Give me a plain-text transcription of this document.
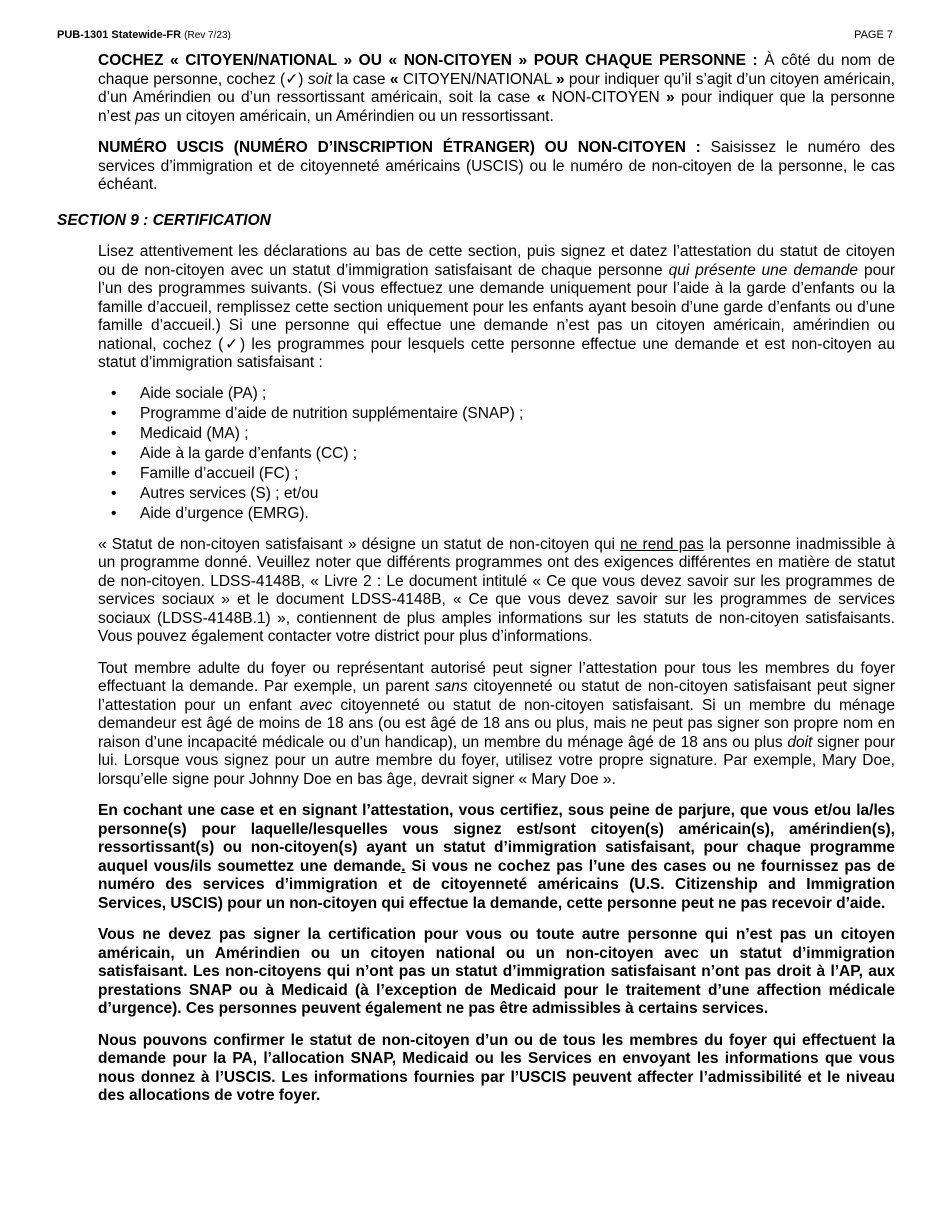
PUB-1301 Statewide-FR (Rev 7/23)	PAGE 7

COCHEZ « CITOYEN/NATIONAL » OU « NON-CITOYEN » POUR CHAQUE PERSONNE : À côté du nom de chaque personne, cochez (✓) soit la case « CITOYEN/NATIONAL » pour indiquer qu’il s’agit d’un citoyen américain, d’un Amérindien ou d’un ressortissant américain, soit la case « NON-CITOYEN » pour indiquer que la personne n’est pas un citoyen américain, un Amérindien ou un ressortissant.

NUMÉRO USCIS (NUMÉRO D’INSCRIPTION ÉTRANGER) OU NON-CITOYEN : Saisissez le numéro des services d’immigration et de citoyenneté américains (USCIS) ou le numéro de non-citoyen de la personne, le cas échéant.

SECTION 9 : CERTIFICATION

Lisez attentivement les déclarations au bas de cette section, puis signez et datez l’attestation du statut de citoyen ou de non-citoyen avec un statut d’immigration satisfaisant de chaque personne qui présente une demande pour l’un des programmes suivants. (Si vous effectuez une demande uniquement pour l’aide à la garde d’enfants ou la famille d’accueil, remplissez cette section uniquement pour les enfants ayant besoin d’une garde d’enfants ou d’une famille d’accueil.) Si une personne qui effectue une demande n’est pas un citoyen américain, amérindien ou national, cochez (✓) les programmes pour lesquels cette personne effectue une demande et est non-citoyen au statut d’immigration satisfaisant :

• Aide sociale (PA) ;
• Programme d’aide de nutrition supplémentaire (SNAP) ;
• Medicaid (MA) ;
• Aide à la garde d’enfants (CC) ;
• Famille d’accueil (FC) ;
• Autres services (S) ; et/ou
• Aide d’urgence (EMRG).

« Statut de non-citoyen satisfaisant » désigne un statut de non-citoyen qui ne rend pas la personne inadmissible à un programme donné. Veuillez noter que différents programmes ont des exigences différentes en matière de statut de non-citoyen. LDSS-4148B, « Livre 2 : Le document intitulé « Ce que vous devez savoir sur les programmes de services sociaux » et le document LDSS-4148B, « Ce que vous devez savoir sur les programmes de services sociaux (LDSS-4148B.1) », contiennent de plus amples informations sur les statuts de non-citoyen satisfaisants. Vous pouvez également contacter votre district pour plus d’informations.

Tout membre adulte du foyer ou représentant autorisé peut signer l’attestation pour tous les membres du foyer effectuant la demande. Par exemple, un parent sans citoyenneté ou statut de non-citoyen satisfaisant peut signer l’attestation pour un enfant avec citoyenneté ou statut de non-citoyen satisfaisant. Si un membre du ménage demandeur est âgé de moins de 18 ans (ou est âgé de 18 ans ou plus, mais ne peut pas signer son propre nom en raison d’une incapacité médicale ou d’un handicap), un membre du ménage âgé de 18 ans ou plus doit signer pour lui. Lorsque vous signez pour un autre membre du foyer, utilisez votre propre signature. Par exemple, Mary Doe, lorsqu’elle signe pour Johnny Doe en bas âge, devrait signer « Mary Doe ».

En cochant une case et en signant l’attestation, vous certifiez, sous peine de parjure, que vous et/ou la/les personne(s) pour laquelle/lesquelles vous signez est/sont citoyen(s) américain(s), amérindien(s), ressortissant(s) ou non-citoyen(s) ayant un statut d’immigration satisfaisant, pour chaque programme auquel vous/ils soumettez une demande. Si vous ne cochez pas l’une des cases ou ne fournissez pas de numéro des services d’immigration et de citoyenneté américains (U.S. Citizenship and Immigration Services, USCIS) pour un non-citoyen qui effectue la demande, cette personne peut ne pas recevoir d’aide.

Vous ne devez pas signer la certification pour vous ou toute autre personne qui n’est pas un citoyen américain, un Amérindien ou un citoyen national ou un non-citoyen avec un statut d’immigration satisfaisant. Les non-citoyens qui n’ont pas un statut d’immigration satisfaisant n’ont pas droit à l’AP, aux prestations SNAP ou à Medicaid (à l’exception de Medicaid pour le traitement d’une affection médicale d’urgence). Ces personnes peuvent également ne pas être admissibles à certains services.

Nous pouvons confirmer le statut de non-citoyen d’un ou de tous les membres du foyer qui effectuent la demande pour la PA, l’allocation SNAP, Medicaid ou les Services en envoyant les informations que vous nous donnez à l’USCIS. Les informations fournies par l’USCIS peuvent affecter l’admissibilité et le niveau des allocations de votre foyer.
